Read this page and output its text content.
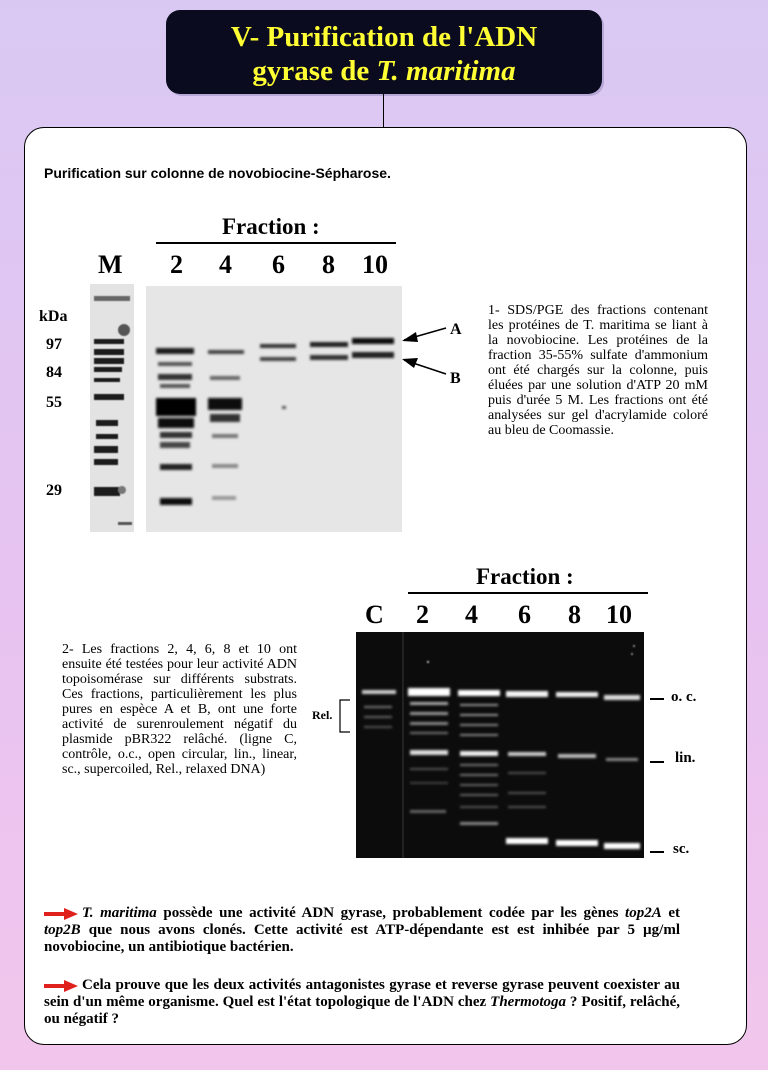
V- Purification de l'ADN
gyrase de T. maritima
Purification sur colonne de novobiocine-Sépharose.
Fraction :
M 2 4 6 8 10
kDa
97
84
55
29
A
B
1- SDS/PGE des fractions contenant les protéines de T. maritima se liant à la novobiocine. Les protéines de la fraction 35-55% sulfate d'ammonium ont été chargés sur la colonne, puis éluées par une solution d'ATP 20 mM puis d'urée 5 M. Les fractions ont été analysées sur gel d'acrylamide coloré au bleu de Coomassie.
Fraction :
C 2 4 6 8 10
Rel.
o. c.
lin.
sc.
2- Les fractions 2, 4, 6, 8 et 10 ont ensuite été testées pour leur activité ADN topoisomérase sur différents substrats. Ces fractions, particulièrement les plus pures en espèce A et B, ont une forte activité de surenroulement négatif du plasmide pBR322 relâché. (ligne C, contrôle, o.c., open circular, lin., linear, sc., supercoiled, Rel., relaxed DNA)

T. maritima possède une activité ADN gyrase, probablement codée par les gènes top2A et top2B que nous avons clonés. Cette activité est ATP-dépendante est est inhibée par 5 µg/ml novobiocine, un antibiotique bactérien.

Cela prouve que les deux activités antagonistes gyrase et reverse gyrase peuvent coexister au sein d'un même organisme. Quel est l'état topologique de l'ADN chez Thermotoga ? Positif, relâché, ou négatif ?
